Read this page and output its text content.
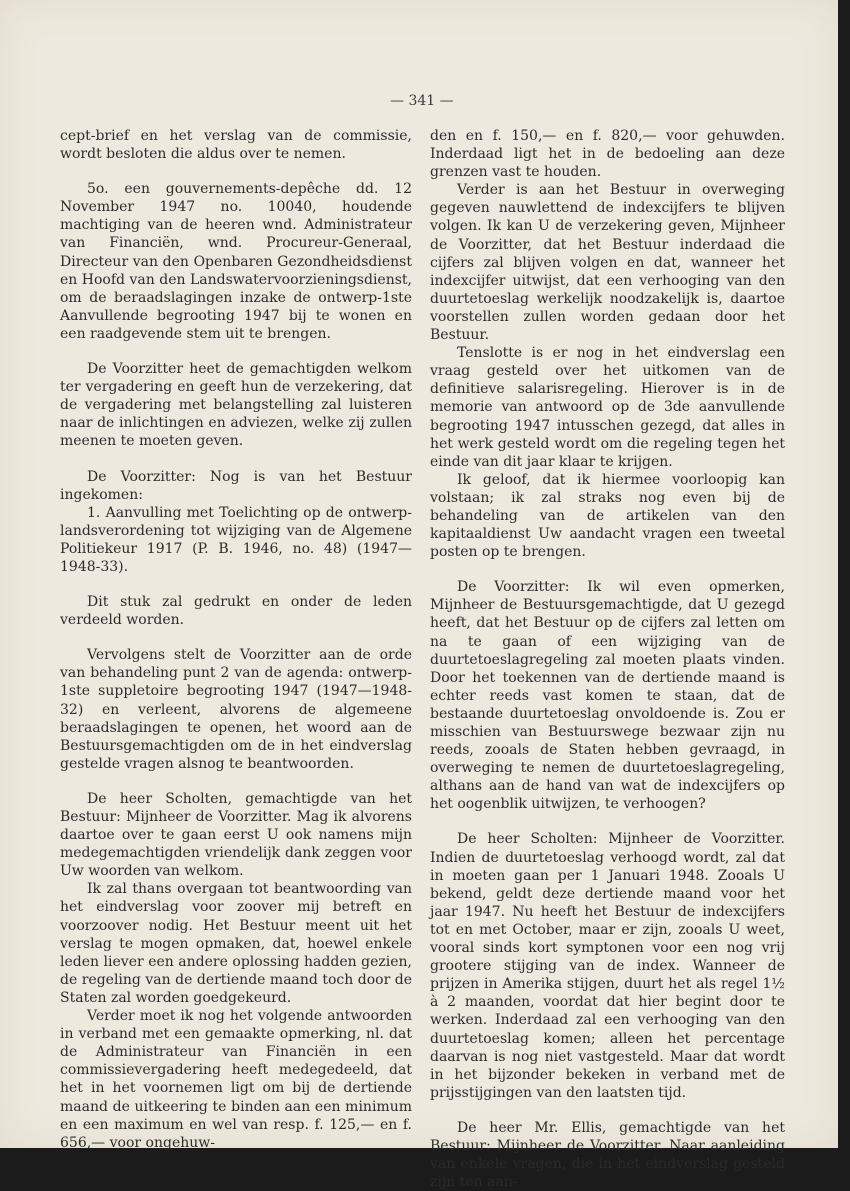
— 341 —

cept-brief en het verslag van de commissie, wordt besloten die aldus over te nemen.

5o. een gouvernements-depêche dd. 12 November 1947 no. 10040, houdende machtiging van de heeren wnd. Administrateur van Financiën, wnd. Procureur-Generaal, Directeur van den Openbaren Gezondheidsdienst en Hoofd van den Landswatervoorzieningsdienst, om de beraadslagingen inzake de ontwerp-1ste Aanvullende begrooting 1947 bij te wonen en een raadgevende stem uit te brengen.

De Voorzitter heet de gemachtigden welkom ter vergadering en geeft hun de verzekering, dat de vergadering met belangstelling zal luisteren naar de inlichtingen en adviezen, welke zij zullen meenen te moeten geven.

De Voorzitter: Nog is van het Bestuur ingekomen:

1. Aanvulling met Toelichting op de ontwerp-landsverordening tot wijziging van de Algemene Politiekeur 1917 (P. B. 1946, no. 48) (1947—1948-33).

Dit stuk zal gedrukt en onder de leden verdeeld worden.

Vervolgens stelt de Voorzitter aan de orde van behandeling punt 2 van de agenda: ontwerp-1ste suppletoire begrooting 1947 (1947—1948-32) en verleent, alvorens de algemeene beraadslagingen te openen, het woord aan de Bestuursgemachtigden om de in het eindverslag gestelde vragen alsnog te beantwoorden.

De heer Scholten, gemachtigde van het Bestuur: Mijnheer de Voorzitter. Mag ik alvorens daartoe over te gaan eerst U ook namens mijn medegemachtigden vriendelijk dank zeggen voor Uw woorden van welkom.

Ik zal thans overgaan tot beantwoording van het eindverslag voor zoover mij betreft en voorzoover nodig. Het Bestuur meent uit het verslag te mogen opmaken, dat, hoewel enkele leden liever een andere oplossing hadden gezien, de regeling van de dertiende maand toch door de Staten zal worden goedgekeurd.

Verder moet ik nog het volgende antwoorden in verband met een gemaakte opmerking, nl. dat de Administrateur van Financiën in een commissievergadering heeft medegedeeld, dat het in het voornemen ligt om bij de dertiende maand de uitkeering te binden aan een minimum en een maximum en wel van resp. f. 125,— en f. 656,— voor ongehuw-

den en f. 150,— en f. 820,— voor gehuwden. Inderdaad ligt het in de bedoeling aan deze grenzen vast te houden.

Verder is aan het Bestuur in overweging gegeven nauwlettend de indexcijfers te blijven volgen. Ik kan U de verzekering geven, Mijnheer de Voorzitter, dat het Bestuur inderdaad die cijfers zal blijven volgen en dat, wanneer het indexcijfer uitwijst, dat een verhooging van den duurtetoeslag werkelijk noodzakelijk is, daartoe voorstellen zullen worden gedaan door het Bestuur.

Tenslotte is er nog in het eindverslag een vraag gesteld over het uitkomen van de definitieve salarisregeling. Hierover is in de memorie van antwoord op de 3de aanvullende begrooting 1947 intusschen gezegd, dat alles in het werk gesteld wordt om die regeling tegen het einde van dit jaar klaar te krijgen.

Ik geloof, dat ik hiermee voorloopig kan volstaan; ik zal straks nog even bij de behandeling van de artikelen van den kapitaaldienst Uw aandacht vragen een tweetal posten op te brengen.

De Voorzitter: Ik wil even opmerken, Mijnheer de Bestuursgemachtigde, dat U gezegd heeft, dat het Bestuur op de cijfers zal letten om na te gaan of een wijziging van de duurtetoeslagregeling zal moeten plaats vinden. Door het toekennen van de dertiende maand is echter reeds vast komen te staan, dat de bestaande duurtetoeslag onvoldoende is. Zou er misschien van Bestuurswege bezwaar zijn nu reeds, zooals de Staten hebben gevraagd, in overweging te nemen de duurtetoeslagregeling, althans aan de hand van wat de indexcijfers op het oogenblik uitwijzen, te verhoogen?

De heer Scholten: Mijnheer de Voorzitter. Indien de duurtetoeslag verhoogd wordt, zal dat in moeten gaan per 1 Januari 1948. Zooals U bekend, geldt deze dertiende maand voor het jaar 1947. Nu heeft het Bestuur de indexcijfers tot en met October, maar er zijn, zooals U weet, vooral sinds kort symptonen voor een nog vrij grootere stijging van de index. Wanneer de prijzen in Amerika stijgen, duurt het als regel 1½ à 2 maanden, voordat dat hier begint door te werken. Inderdaad zal een verhooging van den duurtetoeslag komen; alleen het percentage daarvan is nog niet vastgesteld. Maar dat wordt in het bijzonder bekeken in verband met de prijsstijgingen van den laatsten tijd.

De heer Mr. Ellis, gemachtigde van het Bestuur: Mijnheer de Voorzitter. Naar aanleiding van enkele vragen, die in het eindverslag gesteld zijn ten aan-
